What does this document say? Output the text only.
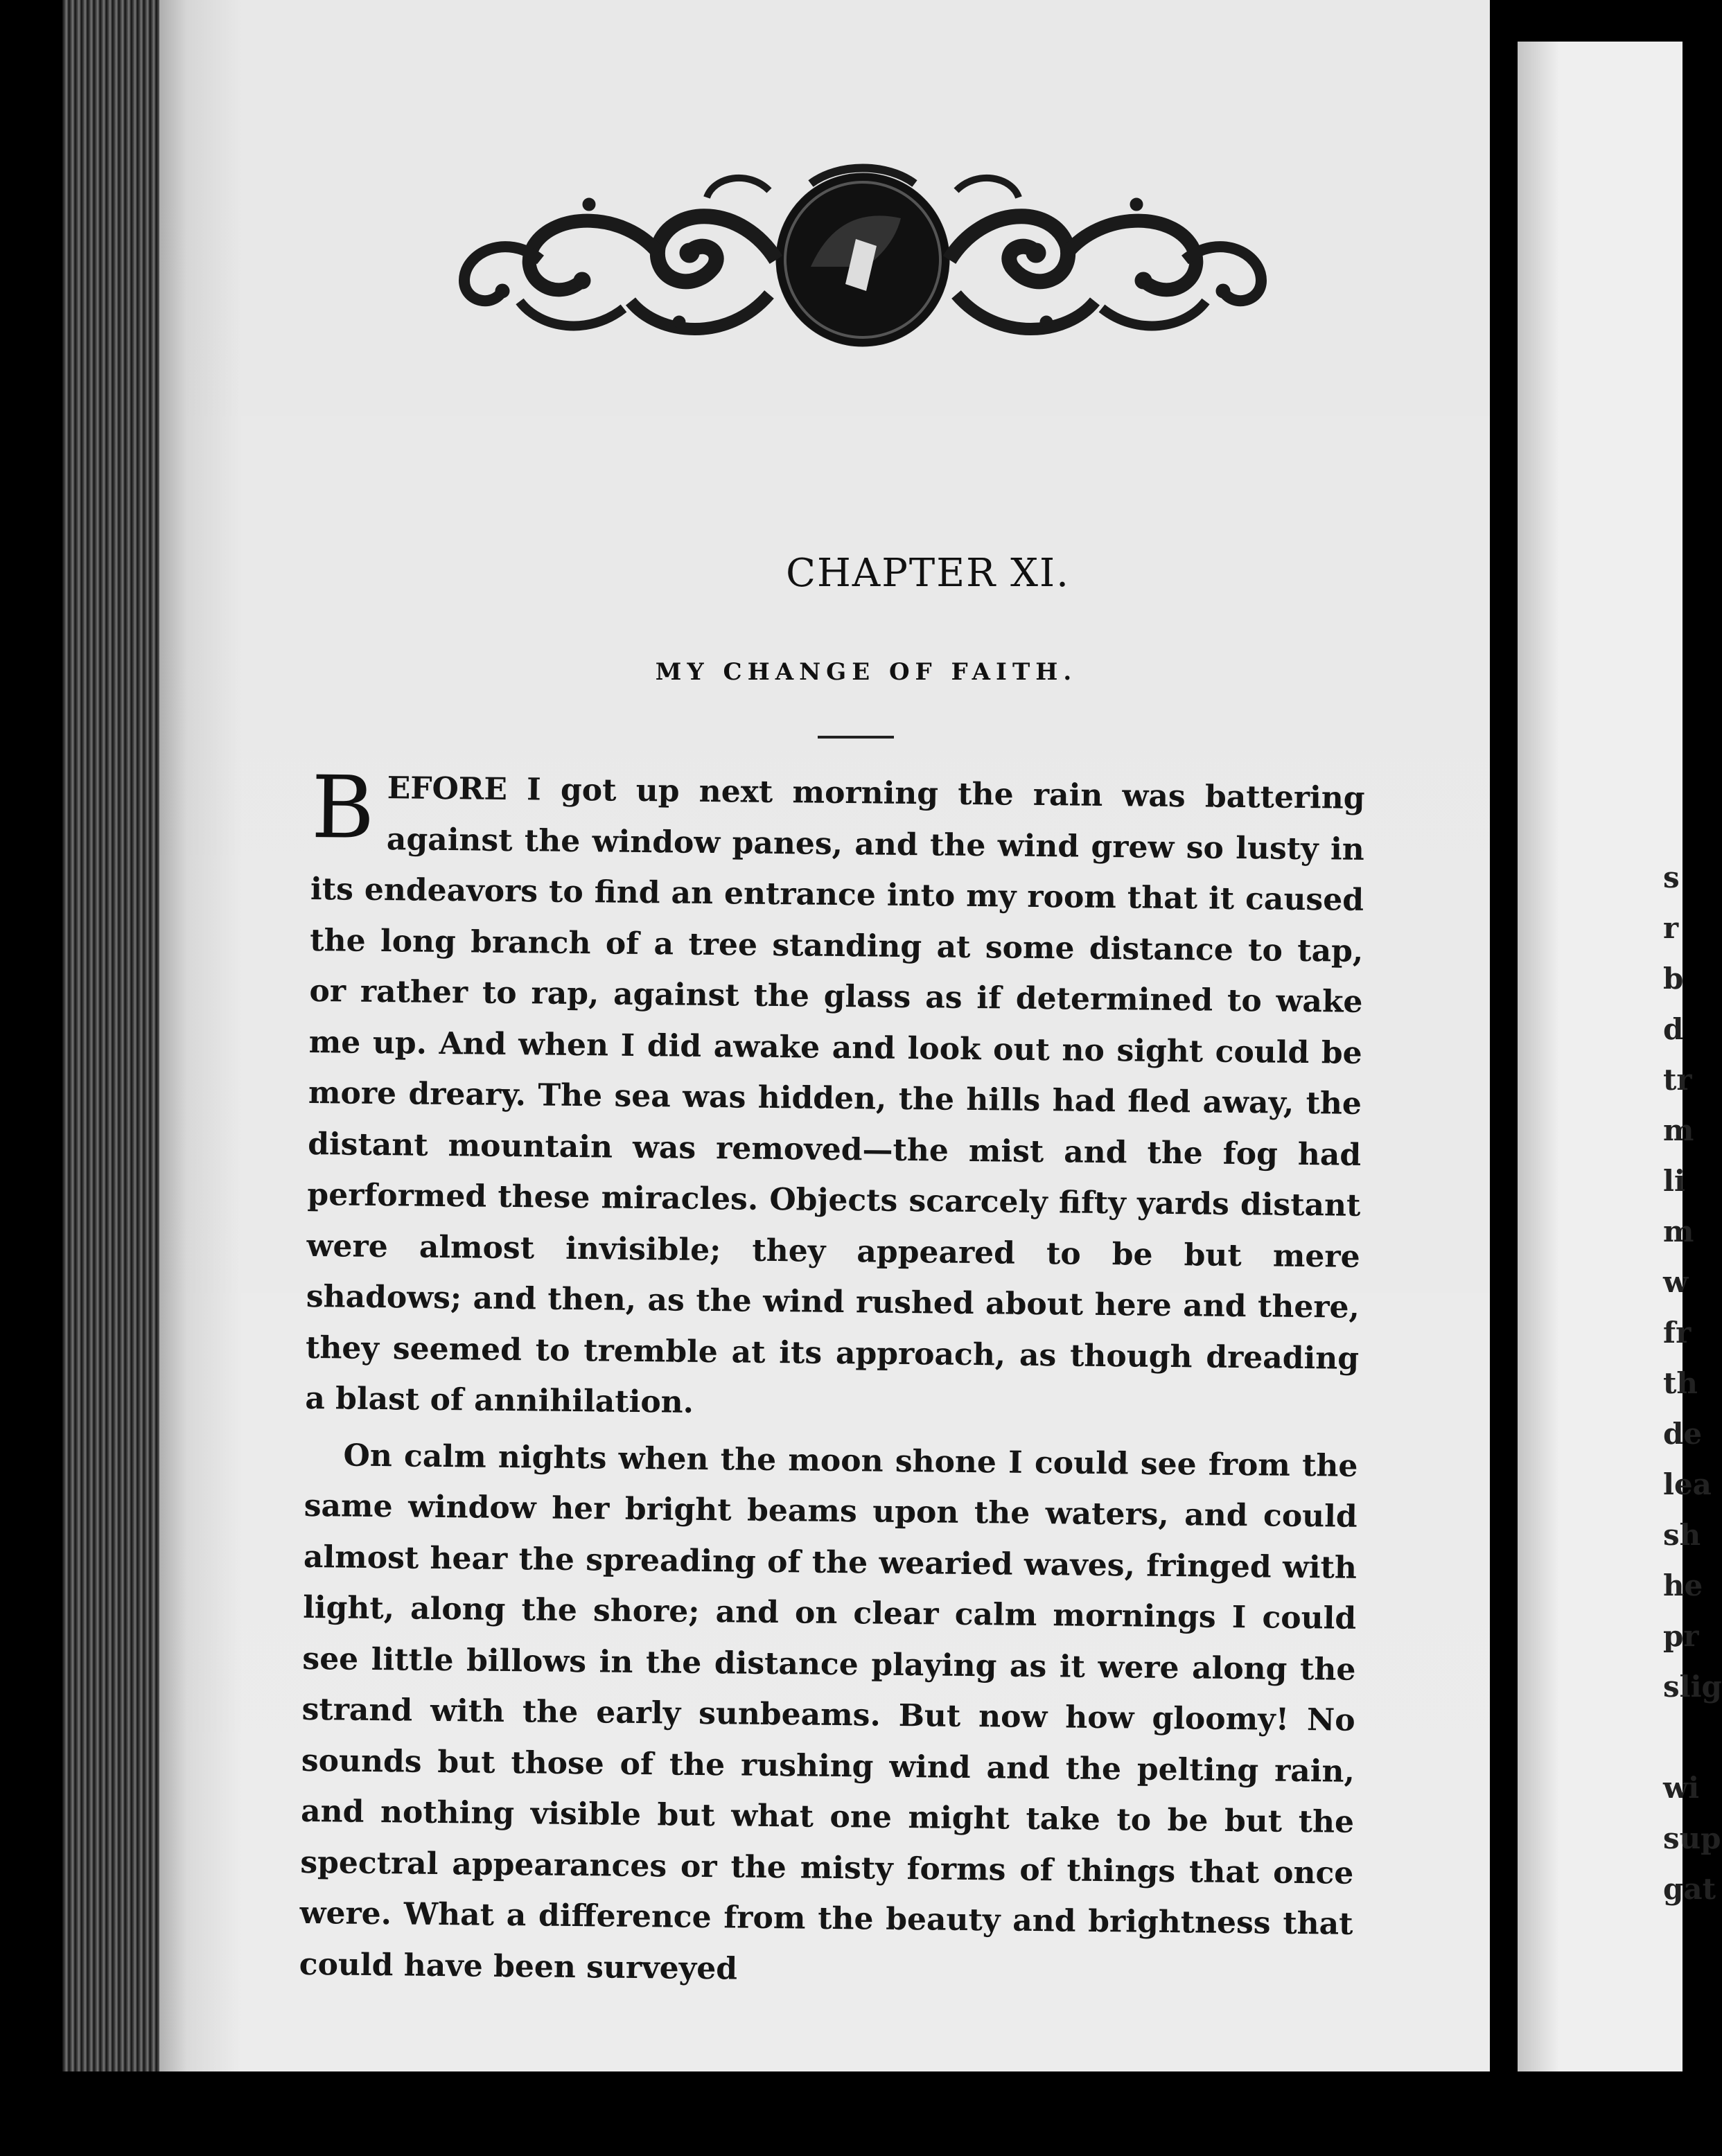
CHAPTER XI.
MY CHANGE OF FAITH.

BEFORE I got up next morning the rain was battering against the window panes, and the wind grew so lusty in its endeavors to find an entrance into my room that it caused the long branch of a tree standing at some distance to tap, or rather to rap, against the glass as if determined to wake me up. And when I did awake and look out no sight could be more dreary. The sea was hidden, the hills had fled away, the distant mountain was removed—the mist and the fog had performed these miracles. Objects scarcely fifty yards distant were almost invisible; they appeared to be but mere shadows; and then, as the wind rushed about here and there, they seemed to tremble at its approach, as though dreading a blast of annihilation.

On calm nights when the moon shone I could see from the same window her bright beams upon the waters, and could almost hear the spreading of the wearied waves, fringed with light, along the shore; and on clear calm mornings I could see little billows in the distance playing as it were along the strand with the early sunbeams. But now how gloomy! No sounds but those of the rushing wind and the pelting rain, and nothing visible but what one might take to be but the spectral appearances or the misty forms of things that once were. What a difference from the beauty and brightness that could have been surveyed

s
r
b
d
tr
m
li
m
w
fr
th
de
lea
sh
he
pr
slig

wi
sup
gat
